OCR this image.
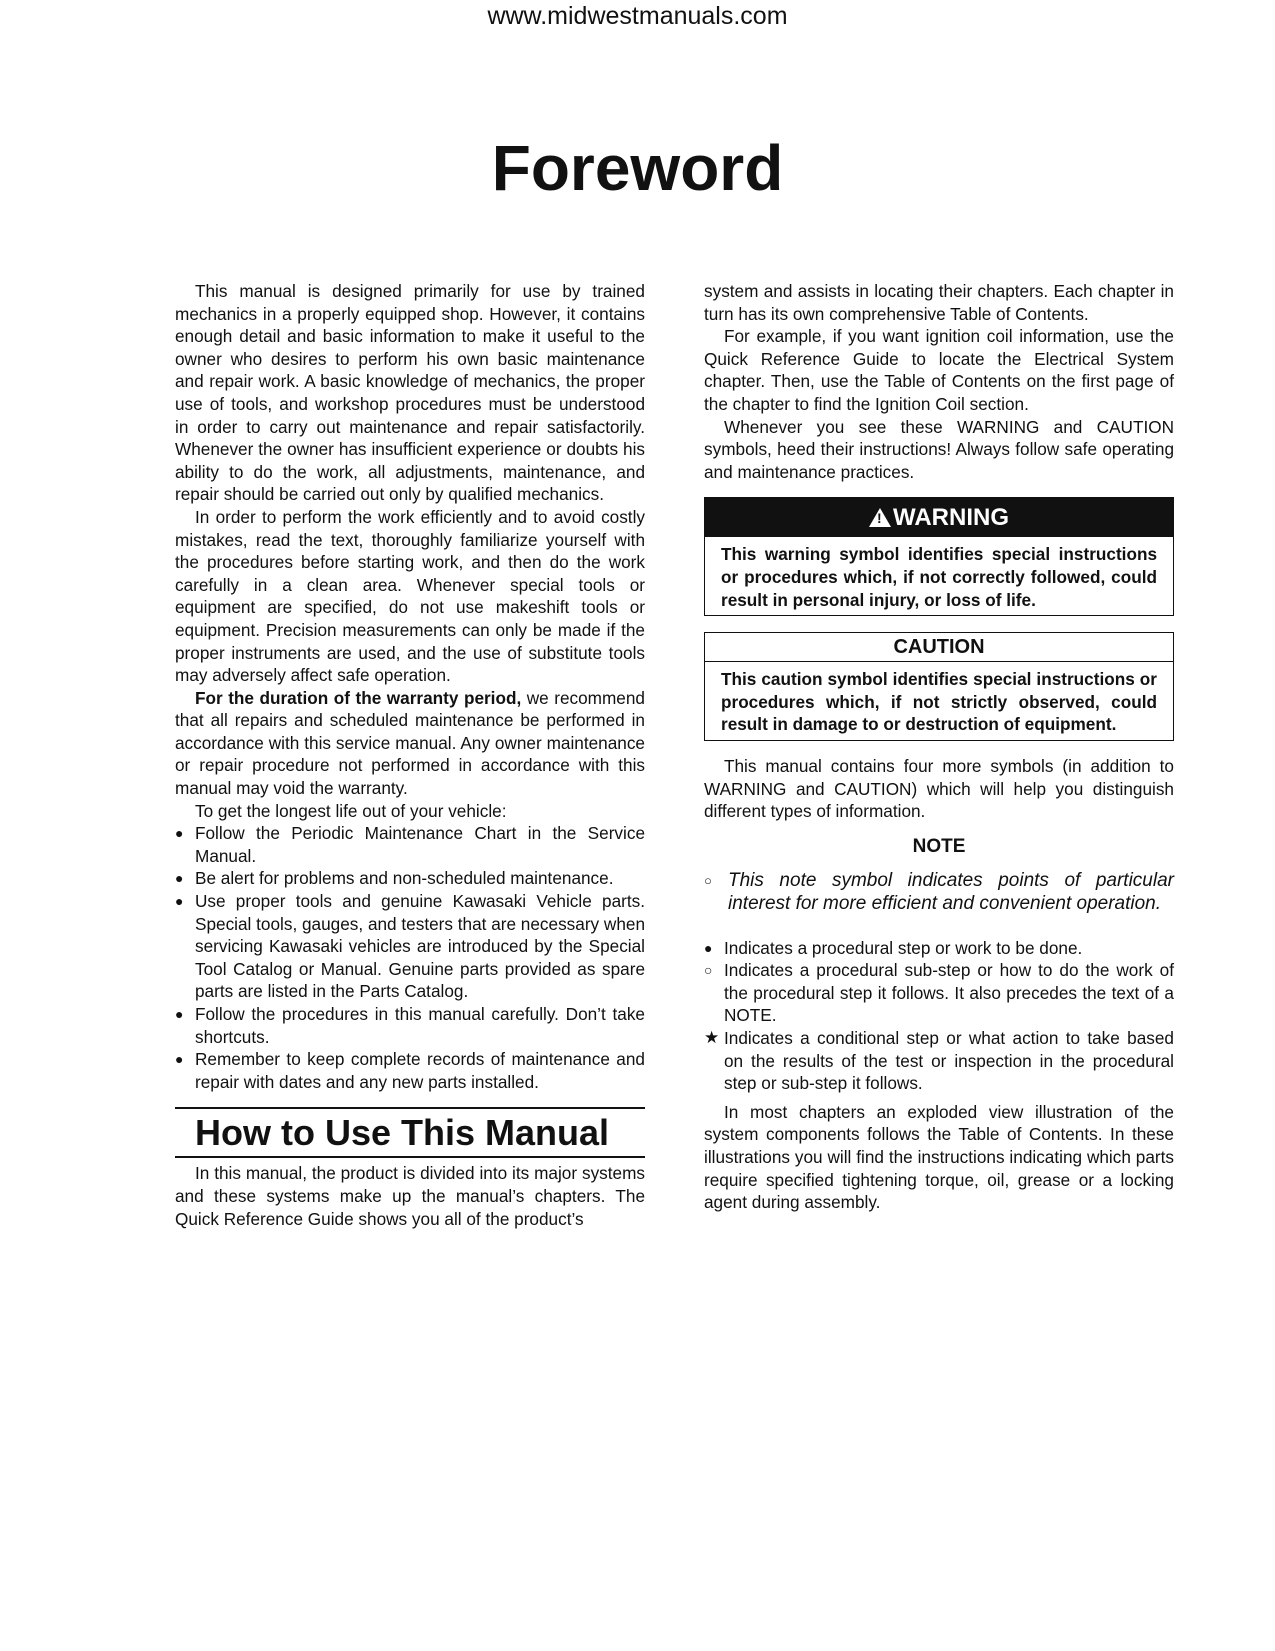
www.midwestmanuals.com
Foreword

This manual is designed primarily for use by trained mechanics in a properly equipped shop. However, it contains enough detail and basic information to make it useful to the owner who desires to perform his own basic maintenance and repair work. A basic knowledge of mechanics, the proper use of tools, and workshop procedures must be understood in order to carry out maintenance and repair satisfactorily. Whenever the owner has insufficient experience or doubts his ability to do the work, all adjustments, maintenance, and repair should be carried out only by qualified mechanics.

In order to perform the work efficiently and to avoid costly mistakes, read the text, thoroughly familiarize yourself with the procedures before starting work, and then do the work carefully in a clean area. Whenever special tools or equipment are specified, do not use makeshift tools or equipment. Precision measurements can only be made if the proper instruments are used, and the use of substitute tools may adversely affect safe operation.

For the duration of the warranty period, we recommend that all repairs and scheduled maintenance be performed in accordance with this service manual. Any owner maintenance or repair procedure not performed in accordance with this manual may void the warranty.

To get the longest life out of your vehicle:

● Follow the Periodic Maintenance Chart in the Service Manual.
● Be alert for problems and non-scheduled maintenance.
● Use proper tools and genuine Kawasaki Vehicle parts. Special tools, gauges, and testers that are necessary when servicing Kawasaki vehicles are introduced by the Special Tool Catalog or Manual. Genuine parts provided as spare parts are listed in the Parts Catalog.
● Follow the procedures in this manual carefully. Don’t take shortcuts.
● Remember to keep complete records of maintenance and repair with dates and any new parts installed.
How to Use This Manual

In this manual, the product is divided into its major systems and these systems make up the manual’s chapters. The Quick Reference Guide shows you all of the product’s

system and assists in locating their chapters. Each chapter in turn has its own comprehensive Table of Contents.

For example, if you want ignition coil information, use the Quick Reference Guide to locate the Electrical System chapter. Then, use the Table of Contents on the first page of the chapter to find the Ignition Coil section.

Whenever you see these WARNING and CAUTION symbols, heed their instructions! Always follow safe operating and maintenance practices.

! WARNING
This warning symbol identifies special instructions or procedures which, if not correctly followed, could result in personal injury, or loss of life.
CAUTION
This caution symbol identifies special instructions or procedures which, if not strictly observed, could result in damage to or destruction of equipment.

This manual contains four more symbols (in addition to WARNING and CAUTION) which will help you distinguish different types of information.

NOTE
○ This note symbol indicates points of particular interest for more efficient and convenient operation.
● Indicates a procedural step or work to be done.
○ Indicates a procedural sub-step or how to do the work of the procedural step it follows. It also precedes the text of a NOTE.
★ Indicates a conditional step or what action to take based on the results of the test or inspection in the procedural step or sub-step it follows.

In most chapters an exploded view illustration of the system components follows the Table of Contents. In these illustrations you will find the instructions indicating which parts require specified tightening torque, oil, grease or a locking agent during assembly.
